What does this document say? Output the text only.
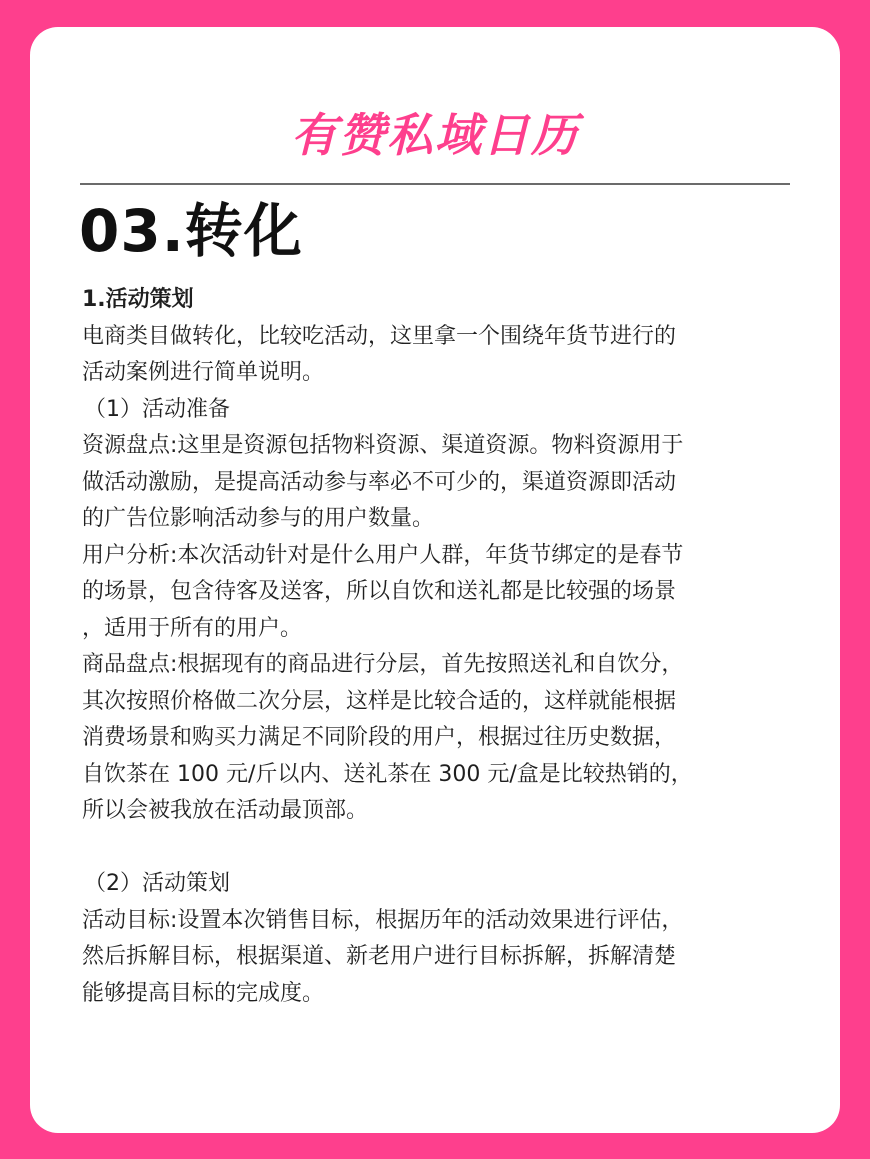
有赞私域日历
03.转化

1.活动策划

电商类目做转化，比较吃活动，这里拿一个围绕年货节进行的

活动案例进行简单说明。

（1）活动准备

资源盘点:这里是资源包括物料资源、渠道资源。物料资源用于

做活动激励，是提高活动参与率必不可少的，渠道资源即活动

的广告位影响活动参与的用户数量。

用户分析:本次活动针对是什么用户人群，年货节绑定的是春节

的场景，包含待客及送客，所以自饮和送礼都是比较强的场景

，适用于所有的用户。

商品盘点:根据现有的商品进行分层，首先按照送礼和自饮分，

其次按照价格做二次分层，这样是比较合适的，这样就能根据

消费场景和购买力满足不同阶段的用户，根据过往历史数据，

自饮茶在 100 元/斤以内、送礼茶在 300 元/盒是比较热销的，

所以会被我放在活动最顶部。

（2）活动策划

活动目标:设置本次销售目标，根据历年的活动效果进行评估，

然后拆解目标，根据渠道、新老用户进行目标拆解，拆解清楚

能够提高目标的完成度。
